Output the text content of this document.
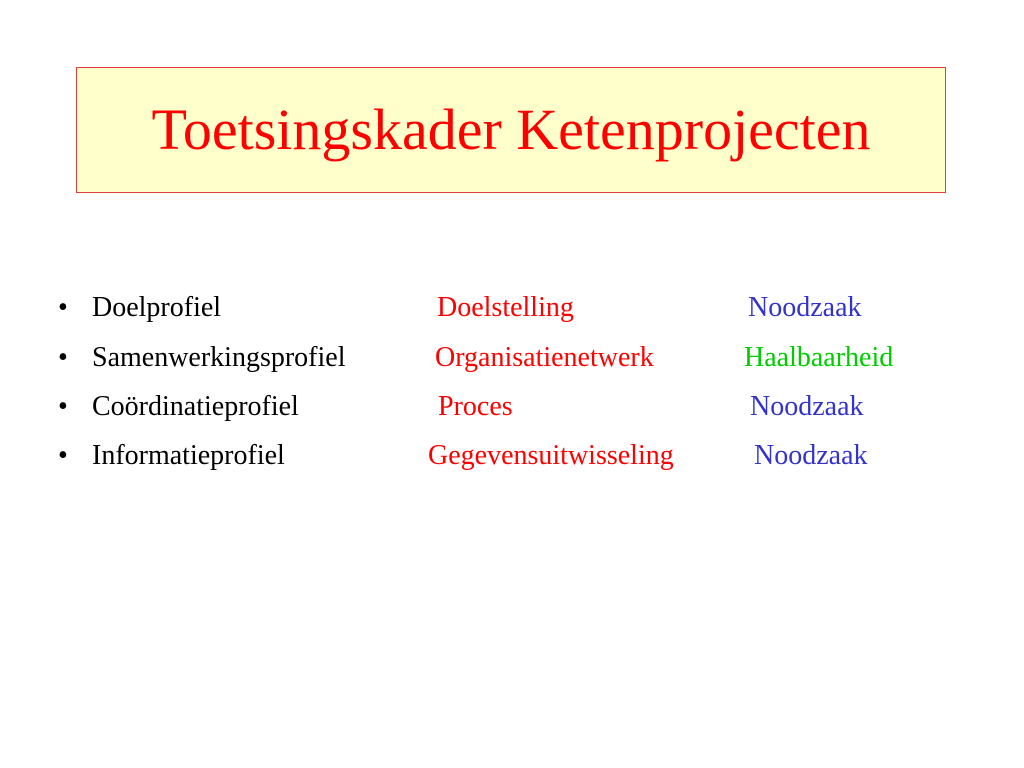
Toetsingskader Ketenprojecten
• Doelprofiel	Doelstelling	Noodzaak
• Samenwerkingsprofiel	Organisatienetwerk	Haalbaarheid
• Coördinatieprofiel	Proces	Noodzaak
• Informatieprofiel	Gegevensuitwisseling	Noodzaak
